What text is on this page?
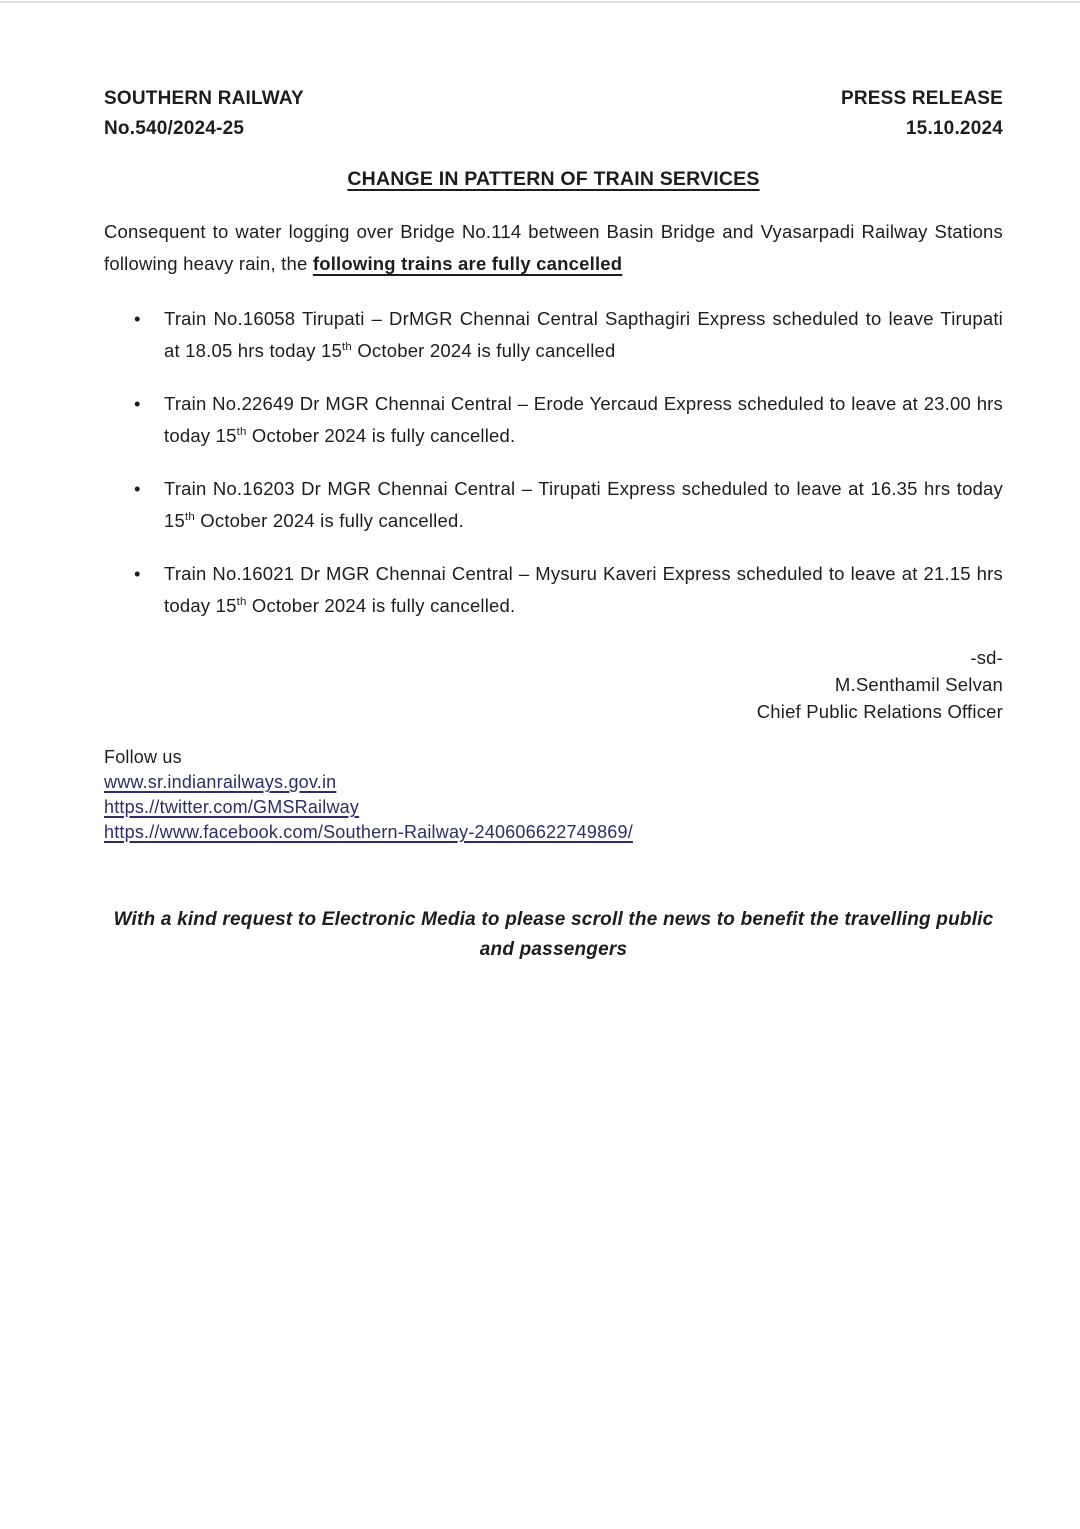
SOUTHERN RAILWAY
No.540/2024-25
PRESS RELEASE
15.10.2024
CHANGE IN PATTERN OF TRAIN SERVICES

Consequent to water logging over Bridge No.114 between Basin Bridge and Vyasarpadi Railway Stations following heavy rain, the following trains are fully cancelled

•	Train No.16058 Tirupati – DrMGR Chennai Central Sapthagiri Express scheduled to leave Tirupati at 18.05 hrs today 15th October 2024 is fully cancelled
•	Train No.22649 Dr MGR Chennai Central – Erode Yercaud Express scheduled to leave at 23.00 hrs today 15th October 2024 is fully cancelled.
•	Train No.16203 Dr MGR Chennai Central – Tirupati Express scheduled to leave at 16.35 hrs today 15th October 2024 is fully cancelled.
•	Train No.16021 Dr MGR Chennai Central – Mysuru Kaveri Express scheduled to leave at 21.15 hrs today 15th October 2024 is fully cancelled.
-sd-
M.Senthamil Selvan
Chief Public Relations Officer
Follow us
www.sr.indianrailways.gov.in
https.//twitter.com/GMSRailway
https.//www.facebook.com/Southern-Railway-240606622749869/

With a kind request to Electronic Media to please scroll the news to benefit the travelling public and passengers
